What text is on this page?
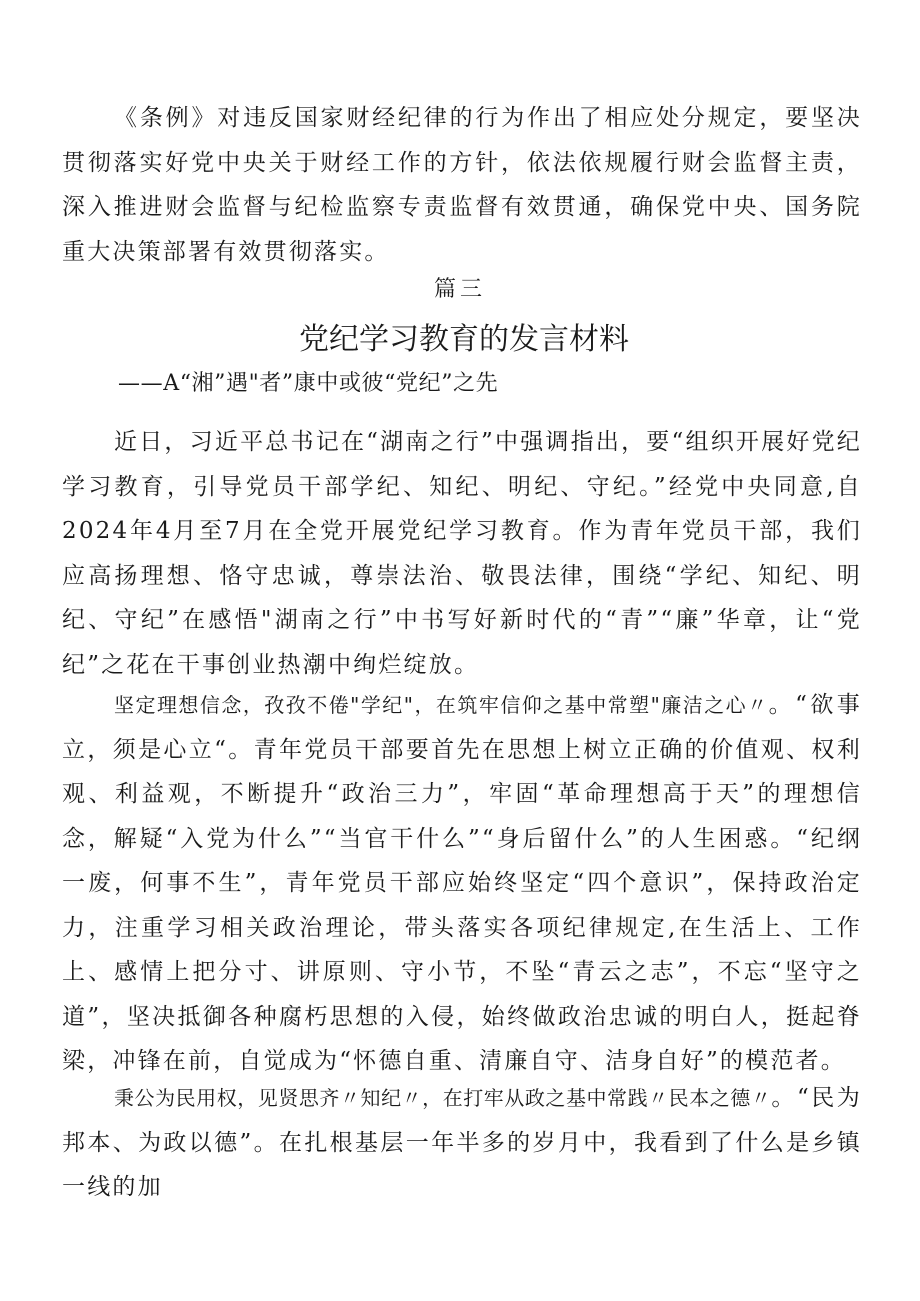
《条例》对违反国家财经纪律的行为作出了相应处分规定，要坚决贯彻落实好党中央关于财经工作的方针，依法依规履行财会监督主责，深入推进财会监督与纪检监察专责监督有效贯通，确保党中央、国务院重大决策部署有效贯彻落实。

篇三

党纪学习教育的发言材料

——A“湘”遇"者”康中或彼“党纪”之先

近日，习近平总书记在“湖南之行”中强调指出，要“组织开展好党纪学习教育，引导党员干部学纪、知纪、明纪、守纪。”经党中央同意,自2024年4月至7月在全党开展党纪学习教育。作为青年党员干部，我们应高扬理想、恪守忠诚，尊崇法治、敬畏法律，围绕“学纪、知纪、明纪、守纪”在感悟"湖南之行”中书写好新时代的“青”“廉”华章，让“党纪”之花在干事创业热潮中绚烂绽放。

坚定理想信念，孜孜不倦"学纪"，在筑牢信仰之基中常塑"廉洁之心〃。“欲事立，须是心立“。青年党员干部要首先在思想上树立正确的价值观、权利观、利益观，不断提升“政治三力”，牢固“革命理想高于天”的理想信念，解疑“入党为什么”“当官干什么”“身后留什么”的人生困惑。“纪纲一废，何事不生”，青年党员干部应始终坚定“四个意识”，保持政治定力，注重学习相关政治理论，带头落实各项纪律规定,在生活上、工作上、感情上把分寸、讲原则、守小节，不坠“青云之志”，不忘“坚守之道”，坚决抵御各种腐朽思想的入侵，始终做政治忠诚的明白人，挺起脊梁，冲锋在前，自觉成为“怀德自重、清廉自守、洁身自好”的模范者。

秉公为民用权，见贤思齐〃知纪〃，在打牢从政之基中常践〃民本之德〃。“民为邦本、为政以德”。在扎根基层一年半多的岁月中，我看到了什么是乡镇一线的加
